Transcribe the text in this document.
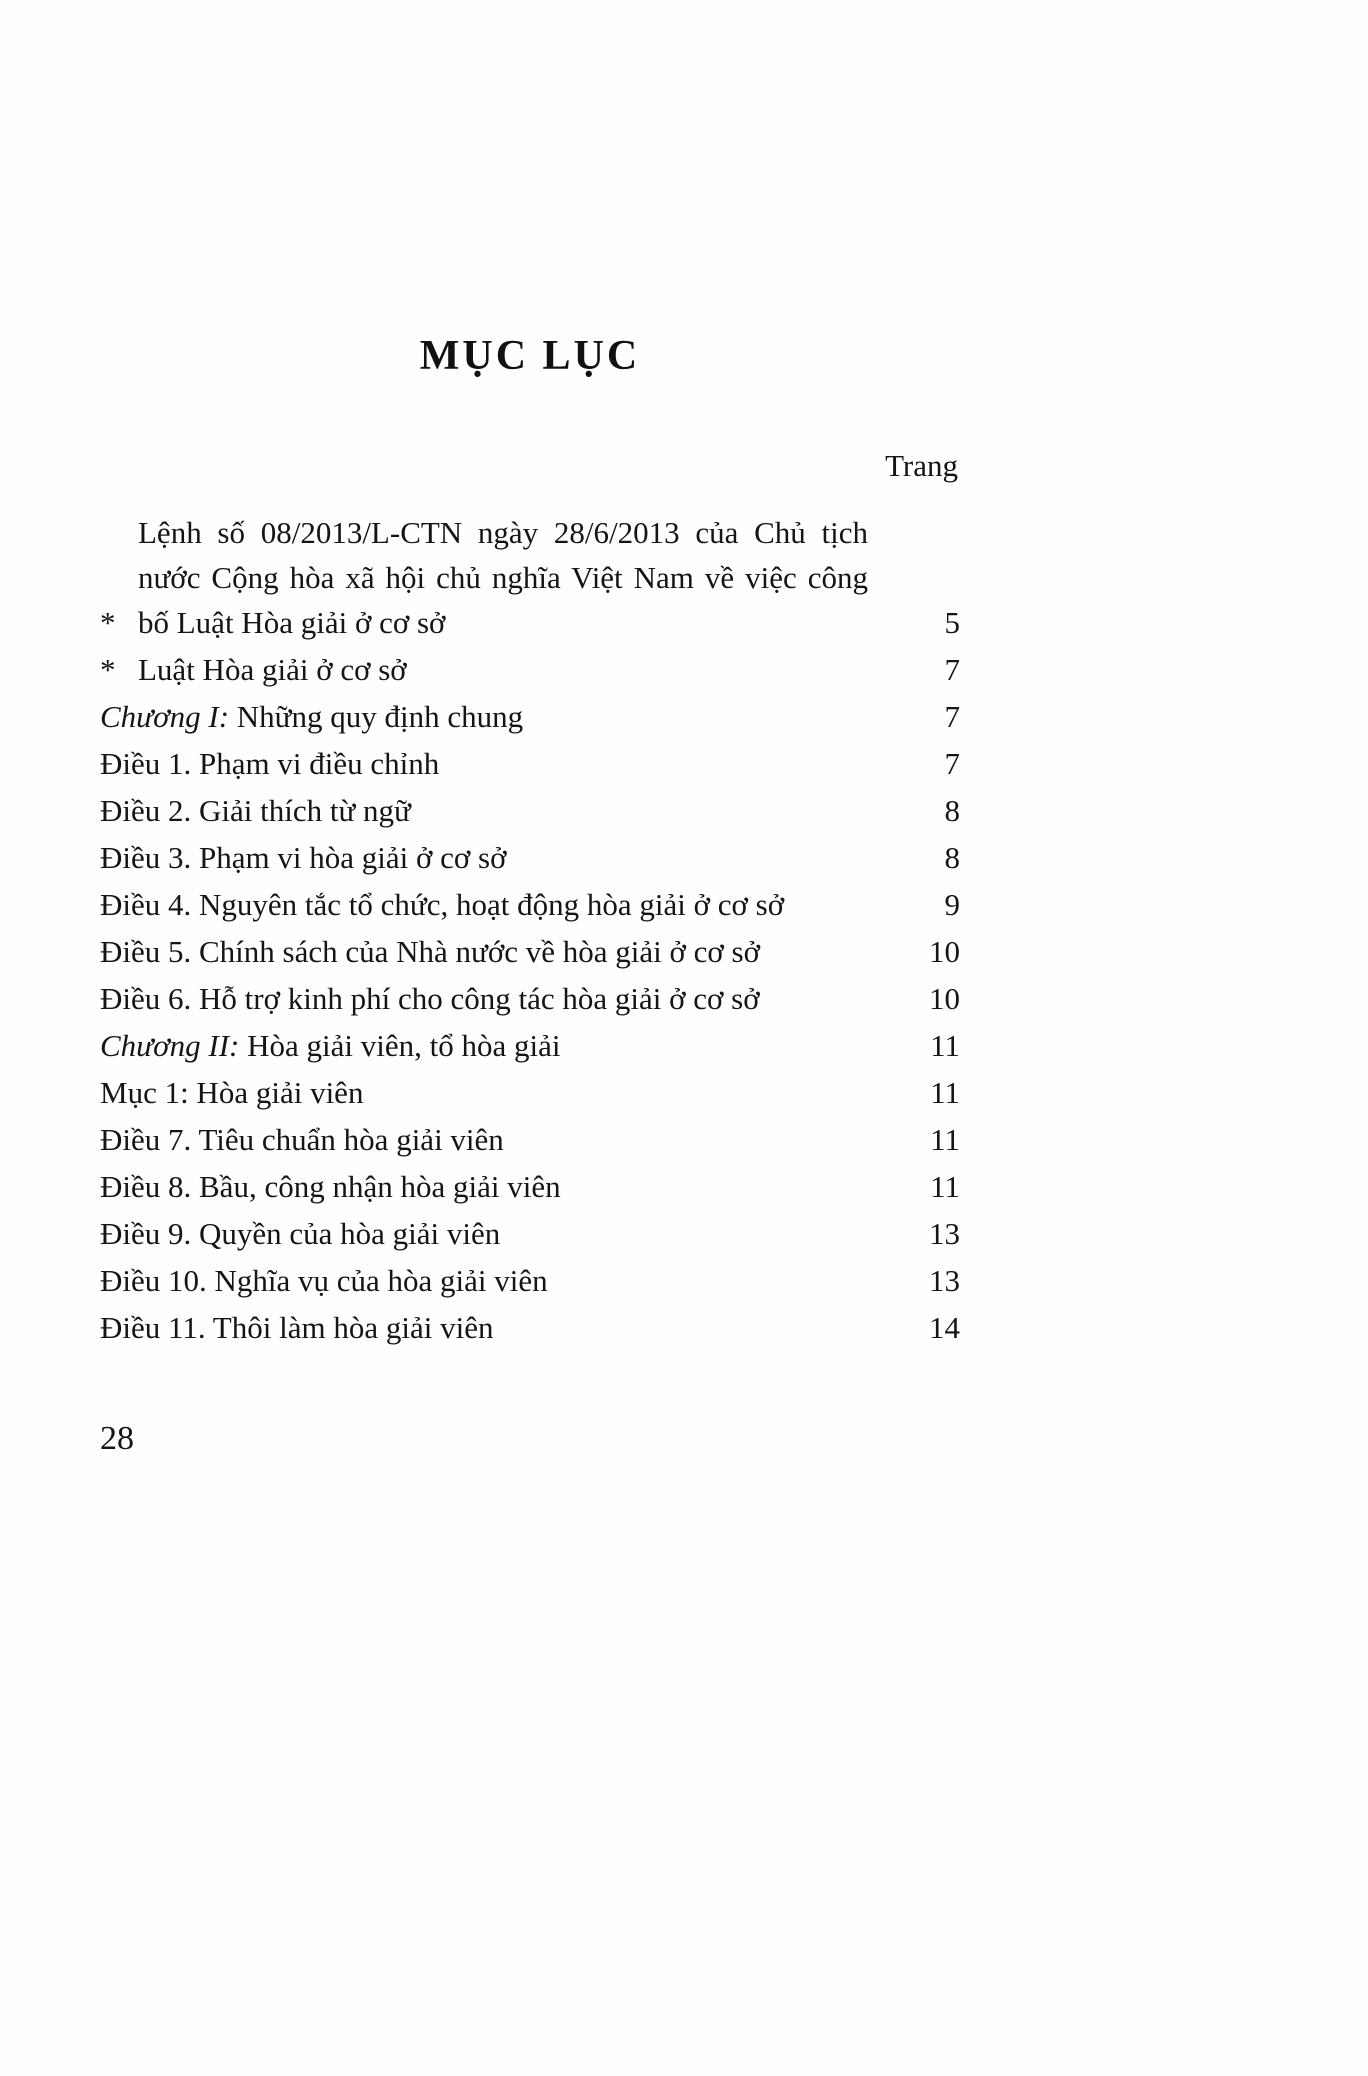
MỤC LỤC
Trang
*
Lệnh số 08/2013/L-CTN ngày 28/6/2013 của Chủ tịch nước Cộng hòa xã hội chủ nghĩa Việt Nam về việc công bố Luật Hòa giải ở cơ sở	5
* Luật Hòa giải ở cơ sở	7
Chương I: Những quy định chung	7
Điều 1. Phạm vi điều chỉnh	7
Điều 2. Giải thích từ ngữ	8
Điều 3. Phạm vi hòa giải ở cơ sở	8
Điều 4. Nguyên tắc tổ chức, hoạt động hòa giải ở cơ sở	9
Điều 5. Chính sách của Nhà nước về hòa giải ở cơ sở	10
Điều 6. Hỗ trợ kinh phí cho công tác hòa giải ở cơ sở	10
Chương II: Hòa giải viên, tổ hòa giải	11
Mục 1: Hòa giải viên	11
Điều 7. Tiêu chuẩn hòa giải viên	11
Điều 8. Bầu, công nhận hòa giải viên	11
Điều 9. Quyền của hòa giải viên	13
Điều 10. Nghĩa vụ của hòa giải viên	13
Điều 11. Thôi làm hòa giải viên	14
28
